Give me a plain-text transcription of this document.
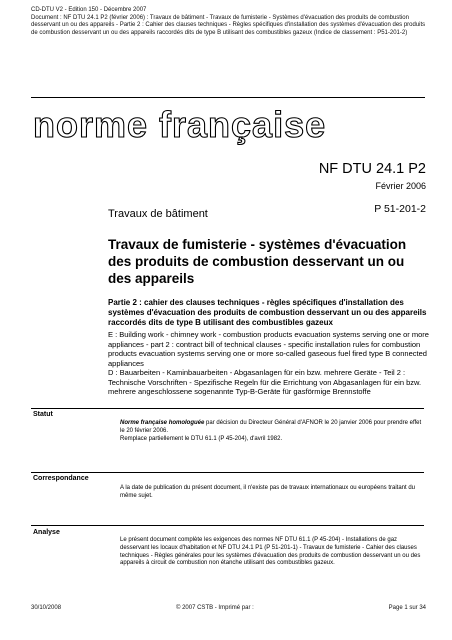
CD-DTU V2 - Edition 150 - Décembre 2007
Document : NF DTU 24.1 P2 (février 2006) : Travaux de bâtiment - Travaux de fumisterie - Systèmes d'évacuation des produits de combustion desservant un ou des appareils - Partie 2 : Cahier des clauses techniques - Règles spécifiques d'installation des systèmes d'évacuation des produits de combustion desservant un ou des appareils raccordés dits de type B utilisant des combustibles gazeux (Indice de classement : P51-201-2)
norme française
NF DTU 24.1 P2
Février 2006
P 51-201-2
Travaux de bâtiment
Travaux de fumisterie - systèmes d'évacuation des produits de combustion desservant un ou des appareils
Partie 2 : cahier des clauses techniques - règles spécifiques d'installation des systèmes d'évacuation des produits de combustion desservant un ou des appareils raccordés dits de type B utilisant des combustibles gazeux
E : Building work - chimney work - combustion products evacuation systems serving one or more appliances - part 2 : contract bill of technical clauses - specific installation rules for combustion products evacuation systems serving one or more so-called gaseous fuel fired type B connected appliances
D : Bauarbeiten - Kaminbauarbeiten - Abgasanlagen für ein bzw. mehrere Geräte - Teil 2 : Technische Vorschriften - Spezifische Regeln für die Errichtung von Abgasanlagen für ein bzw. mehrere angeschlossene sogenannte Typ-B-Geräte für gasförmige Brennstoffe
Statut
Norme française homologuée par décision du Directeur Général d'AFNOR le 20 janvier 2006 pour prendre effet le 20 février 2006.
Remplace partiellement le DTU 61.1 (P 45-204), d'avril 1982.
Correspondance
A la date de publication du présent document, il n'existe pas de travaux internationaux ou européens traitant du même sujet.
Analyse
Le présent document complète les exigences des normes NF DTU 61.1 (P 45-204) - Installations de gaz desservant les locaux d'habitation et NF DTU 24.1 P1 (P 51-201-1) - Travaux de fumisterie - Cahier des clauses techniques - Règles générales pour les systèmes d'évacuation des produits de combustion desservant un ou des appareils à circuit de combustion non étanche utilisant des combustibles gazeux.
30/10/2008	© 2007 CSTB - Imprimé par :	Page 1 sur 34
